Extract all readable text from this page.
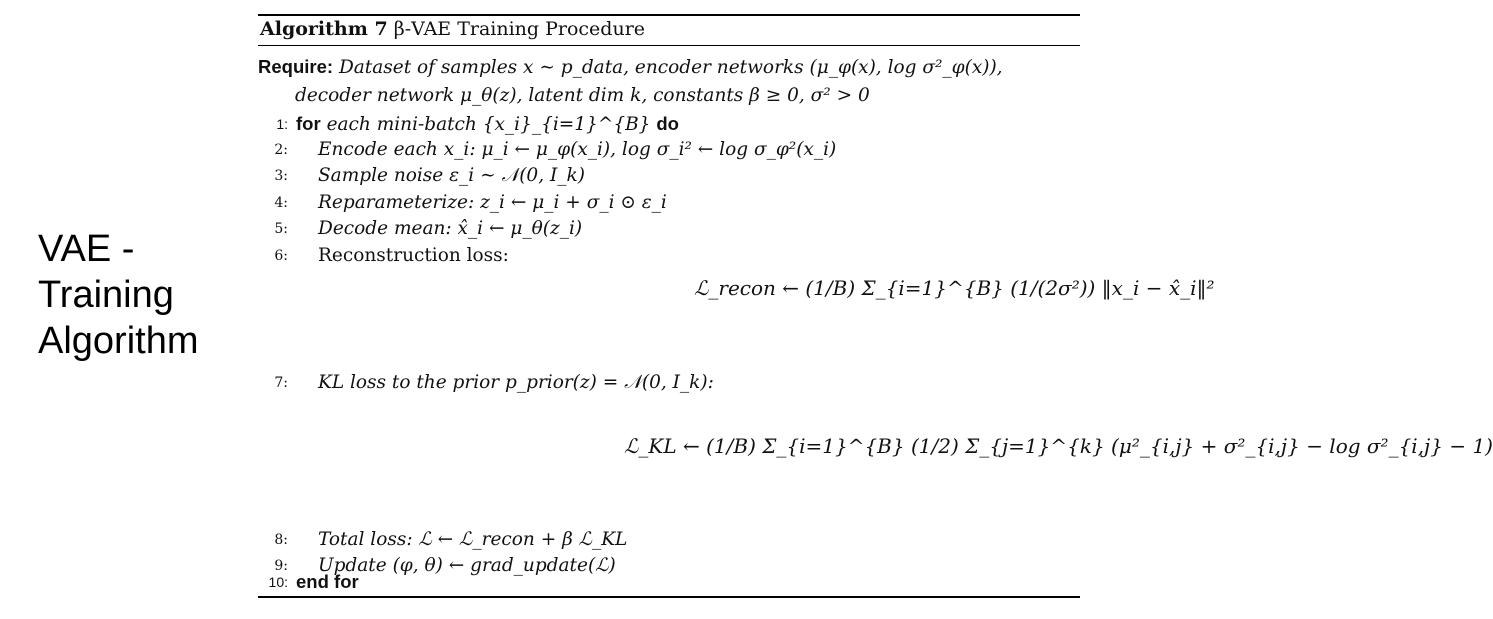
VAE -
Training
Algorithm
Algorithm 7 β-VAE Training Procedure
Require: Dataset of samples x ∼ p_data, encoder networks (μ_φ(x), log σ²_φ(x)),
decoder network μ_θ(z), latent dim k, constants β ≥ 0, σ² > 0
1: for each mini-batch {x_i}_{i=1}^{B} do
2: Encode each x_i: μ_i ← μ_φ(x_i), log σ_i² ← log σ_φ²(x_i)
3: Sample noise ε_i ∼ 𝒩(0, I_k)
4: Reparameterize: z_i ← μ_i + σ_i ⊙ ε_i
5: Decode mean: x̂_i ← μ_θ(z_i)
6: Reconstruction loss:
ℒ_recon ← (1/B) Σ_{i=1}^{B} (1/(2σ²)) ‖x_i − x̂_i‖²
7: KL loss to the prior p_prior(z) = 𝒩(0, I_k):
ℒ_KL ← (1/B) Σ_{i=1}^{B} (1/2) Σ_{j=1}^{k} (μ²_{i,j} + σ²_{i,j} − log σ²_{i,j} − 1)
8: Total loss: ℒ ← ℒ_recon + β ℒ_KL
9: Update (φ, θ) ← grad_update(ℒ)
10: end for
